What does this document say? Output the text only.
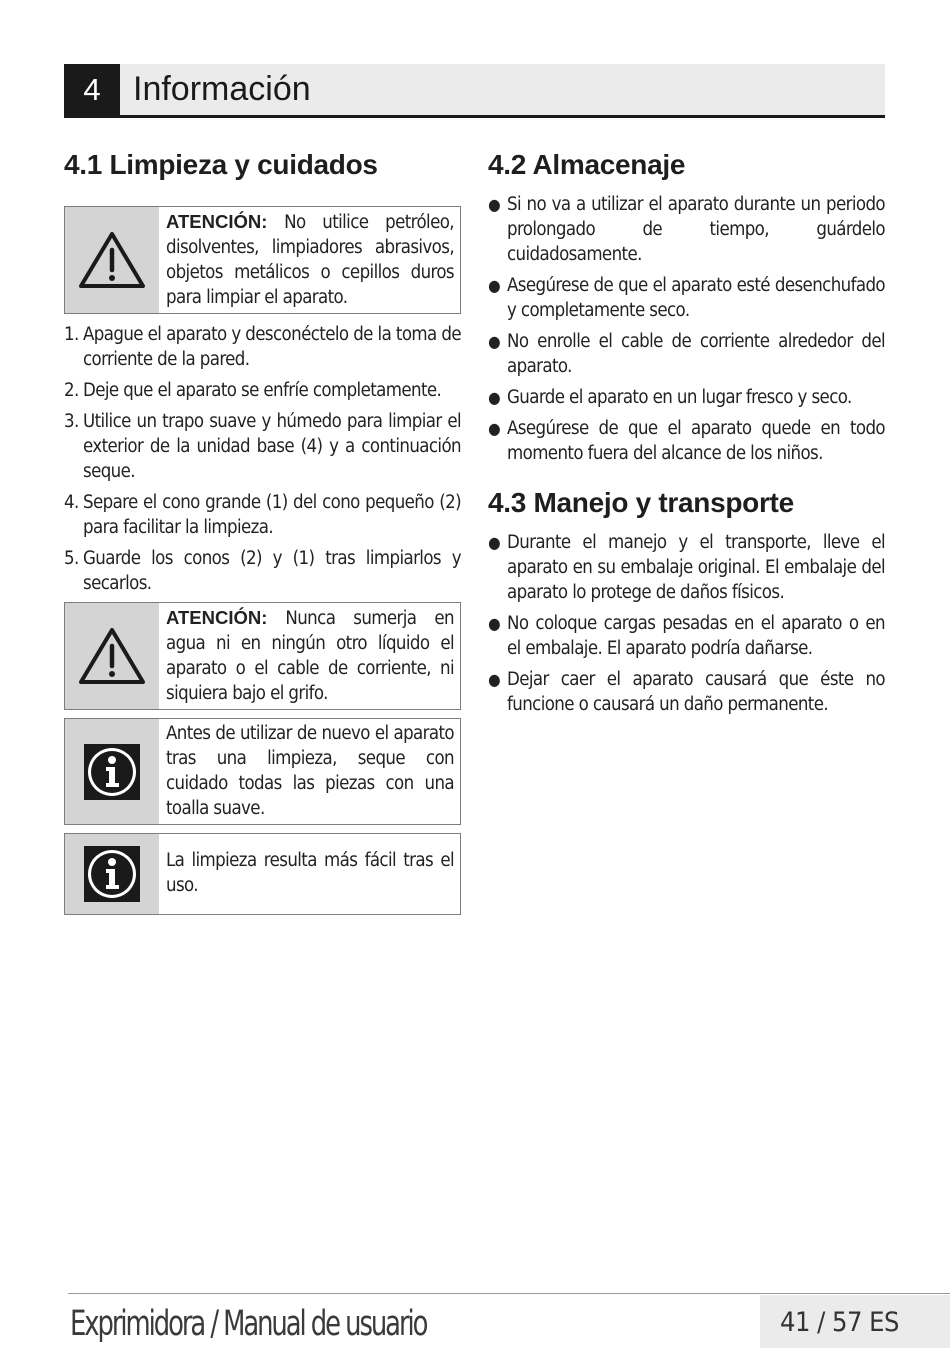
4 Información
4.1 Limpieza y cuidados
ATENCIÓN: No utilice petróleo, disolventes, limpiadores abrasivos, objetos metálicos o cepillos duros para limpiar el aparato.
1. Apague el aparato y desconéctelo de la toma de corriente de la pared.
2. Deje que el aparato se enfríe completamente.
3. Utilice un trapo suave y húmedo para limpiar el exterior de la unidad base (4) y a continuación seque.
4. Separe el cono grande (1) del cono pequeño (2) para facilitar la limpieza.
5. Guarde los conos (2) y (1) tras limpiarlos y secarlos.
ATENCIÓN: Nunca sumerja en agua ni en ningún otro líquido el aparato o el cable de corriente, ni siquiera bajo el grifo.
Antes de utilizar de nuevo el aparato tras una limpieza, seque con cuidado todas las piezas con una toalla suave.
La limpieza resulta más fácil tras el uso.
4.2 Almacenaje
● Si no va a utilizar el aparato durante un periodo prolongado de tiempo, guárdelo cuidadosamente.
● Asegúrese de que el aparato esté desenchufado y completamente seco.
● No enrolle el cable de corriente alrededor del aparato.
● Guarde el aparato en un lugar fresco y seco.
● Asegúrese de que el aparato quede en todo momento fuera del alcance de los niños.
4.3 Manejo y transporte
● Durante el manejo y el transporte, lleve el aparato en su embalaje original. El embalaje del aparato lo protege de daños físicos.
● No coloque cargas pesadas en el aparato o en el embalaje. El aparato podría dañarse.
● Dejar caer el aparato causará que éste no funcione o causará un daño permanente.
Exprimidora / Manual de usuario	41 / 57 ES
